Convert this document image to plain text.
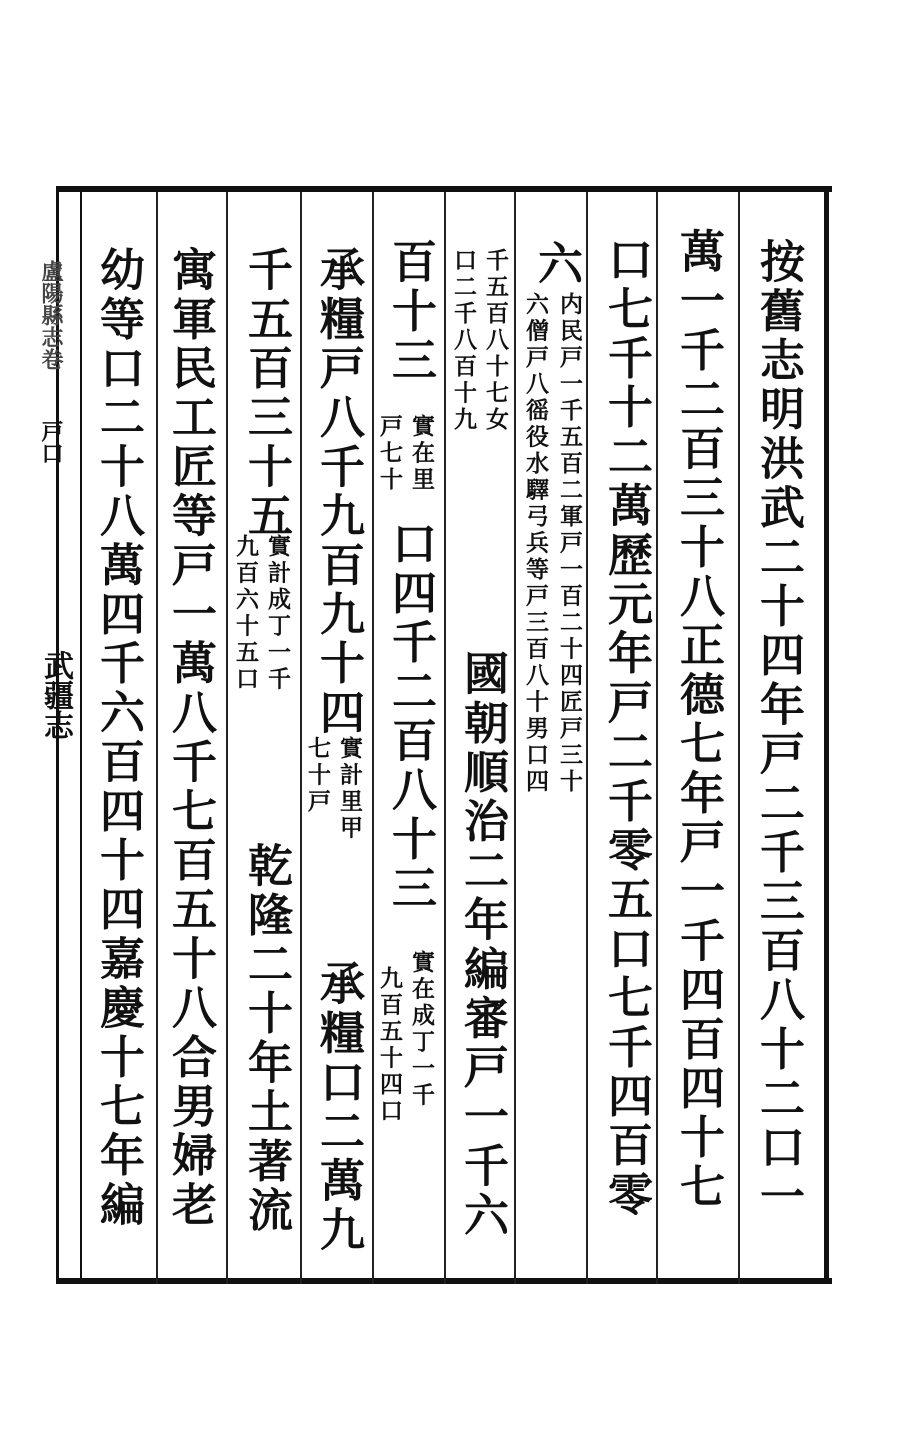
盧陽縣志卷
戸口
武疆志	按舊志明洪武二十四年戸二千三百八十二口一
萬一千二百三十八正德七年戸一千四百四十七
口七千十二萬歷元年戸二千零五口七千四百零
六
内民戸一千五百二軍戸一百二十四匠戸三十
六僧戸八徭役水驛弓兵等戸三百八十男口四
千五百八十七女
口二千八百十九
國朝順治二年編審戸一千六
百十三
實在里
戸七十
口四千二百八十三
實在成丁一千
九百五十四口
承糧戸八千九百九十四
實計里甲
七十戸
承糧口二萬九
千五百三十五
實計成丁一千
九百六十五口
乾隆二十年土著流
寓軍民工匠等戸一萬八千七百五十八合男婦老
幼等口二十八萬四千六百四十四嘉慶十七年編
